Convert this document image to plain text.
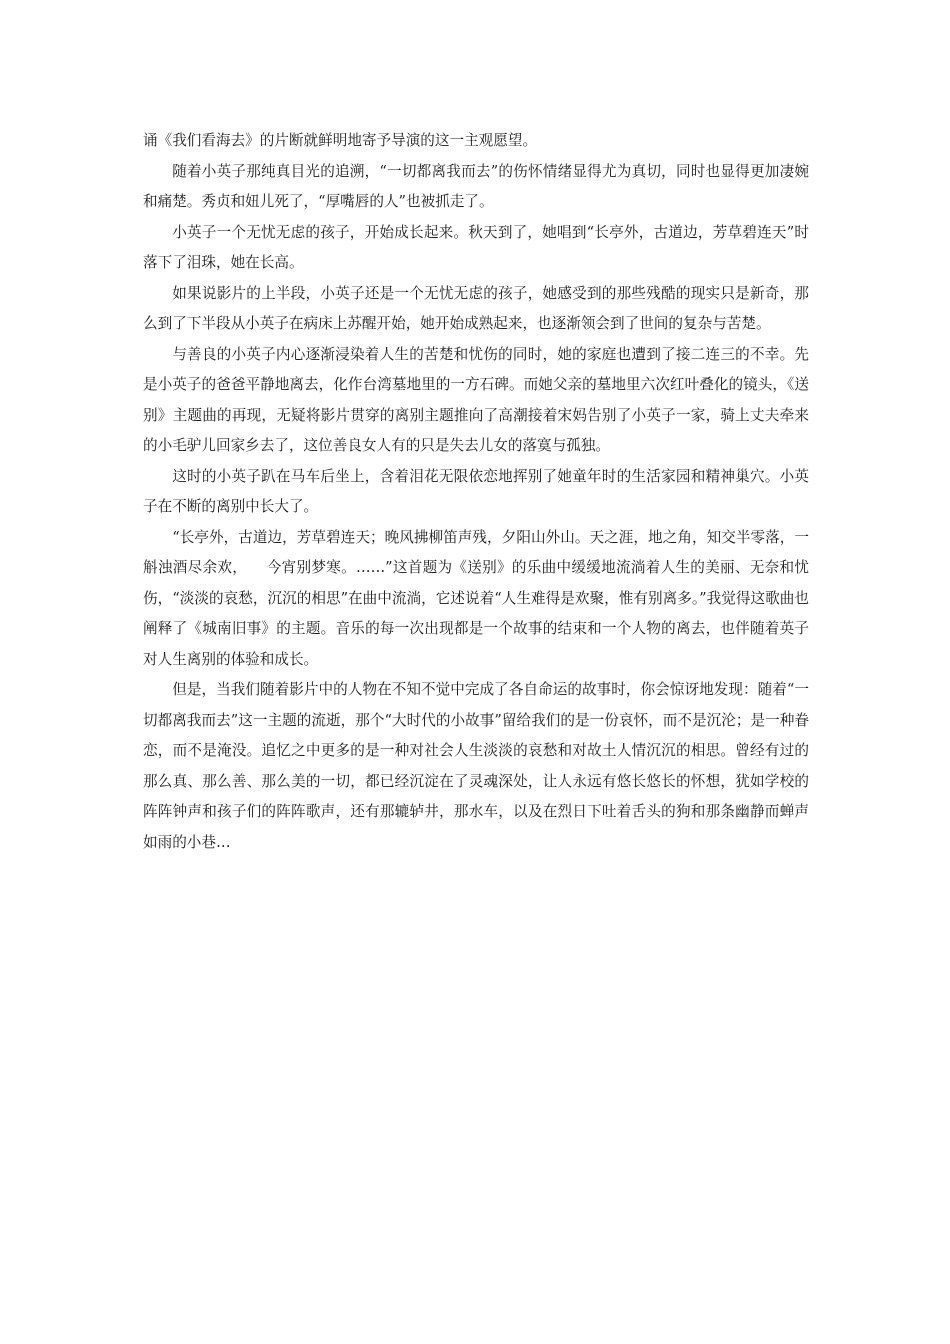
诵《我们看海去》的片断就鲜明地寄予导演的这一主观愿望。

随着小英子那纯真目光的追溯，“一切都离我而去”的伤怀情绪显得尤为真切，同时也显得更加凄婉和痛楚。秀贞和妞儿死了，“厚嘴唇的人”也被抓走了。

小英子一个无忧无虑的孩子，开始成长起来。秋天到了，她唱到“长亭外，古道边，芳草碧连天”时落下了泪珠，她在长高。

如果说影片的上半段，小英子还是一个无忧无虑的孩子，她感受到的那些残酷的现实只是新奇，那么到了下半段从小英子在病床上苏醒开始，她开始成熟起来，也逐渐领会到了世间的复杂与苦楚。

与善良的小英子内心逐渐浸染着人生的苦楚和忧伤的同时，她的家庭也遭到了接二连三的不幸。先是小英子的爸爸平静地离去，化作台湾墓地里的一方石碑。而她父亲的墓地里六次红叶叠化的镜头，《送别》主题曲的再现，无疑将影片贯穿的离别主题推向了高潮接着宋妈告别了小英子一家，骑上丈夫牵来的小毛驴儿回家乡去了，这位善良女人有的只是失去儿女的落寞与孤独。

这时的小英子趴在马车后坐上，含着泪花无限依恋地挥别了她童年时的生活家园和精神巢穴。小英子在不断的离别中长大了。

“长亭外，古道边，芳草碧连天；晚风拂柳笛声残，夕阳山外山。天之涯，地之角，知交半零落，一斛浊酒尽余欢，    今宵别梦寒。……”这首题为《送别》的乐曲中缓缓地流淌着人生的美丽、无奈和忧伤，“淡淡的哀愁，沉沉的相思”在曲中流淌，它述说着“人生难得是欢聚，惟有别离多。”我觉得这歌曲也阐释了《城南旧事》的主题。音乐的每一次出现都是一个故事的结束和一个人物的离去，也伴随着英子对人生离别的体验和成长。

但是，当我们随着影片中的人物在不知不觉中完成了各自命运的故事时，你会惊讶地发现：随着“一切都离我而去”这一主题的流逝，那个“大时代的小故事”留给我们的是一份哀怀，而不是沉沦；是一种眷恋，而不是淹没。追忆之中更多的是一种对社会人生淡淡的哀愁和对故土人情沉沉的相思。曾经有过的那么真、那么善、那么美的一切，都已经沉淀在了灵魂深处，让人永远有悠长悠长的怀想，犹如学校的阵阵钟声和孩子们的阵阵歌声，还有那辘轳井，那水车，以及在烈日下吐着舌头的狗和那条幽静而蝉声如雨的小巷…
